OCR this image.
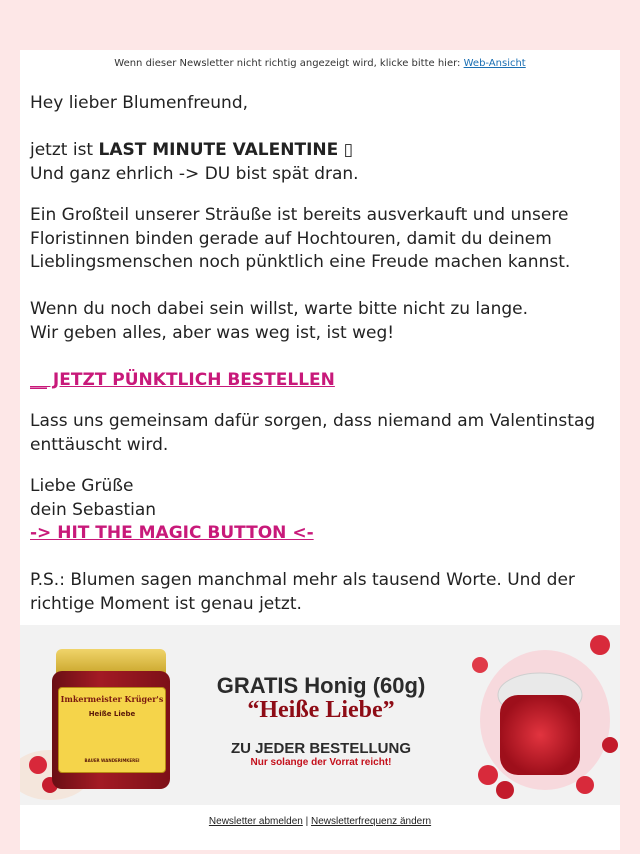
Wenn dieser Newsletter nicht richtig angezeigt wird, klicke bitte hier: Web-Ansicht

Hey lieber Blumenfreund,

jetzt ist LAST MINUTE VALENTINE ▯

Und ganz ehrlich -> DU bist spät dran.

Ein Großteil unserer Sträuße ist bereits ausverkauft und unsere
Floristinnen binden gerade auf Hochtouren, damit du deinem
Lieblingsmenschen noch pünktlich eine Freude machen kannst.

Wenn du noch dabei sein willst, warte bitte nicht zu lange.
Wir geben alles, aber was weg ist, ist weg!

__ JETZT PÜNKTLICH BESTELLEN

Lass uns gemeinsam dafür sorgen, dass niemand am Valentinstag enttäuscht wird.

Liebe Grüße

dein Sebastian

-> HIT THE MAGIC BUTTON <-

P.S.: Blumen sagen manchmal mehr als tausend Worte. Und der richtige Moment ist genau jetzt.

Imkermeister Krüger's
Heiße Liebe
BAUER WANDERIMKEREI
GRATIS Honig (60g)
“Heiße Liebe”
ZU JEDER BESTELLUNG
Nur solange der Vorrat reicht!
Newsletter abmelden | Newsletterfrequenz ändern
